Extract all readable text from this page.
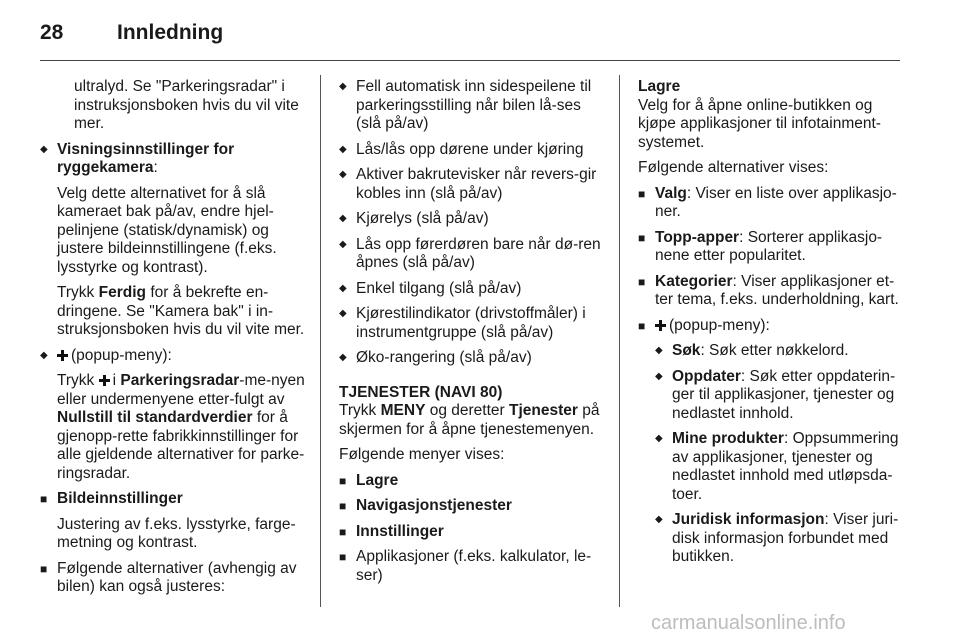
28	Innledning

ultralyd. Se "Parkeringsradar" i instruksjonsboken hvis du vil vite mer.

◆ Visningsinnstillinger for ryggekamera:

Velg dette alternativet for å slå kameraet bak på/av, endre hjel-pelinjene (statisk/dynamisk) og justere bildeinnstillingene (f.eks. lysstyrke og kontrast).

Trykk Ferdig for å bekrefte en-dringene. Se "Kamera bak" i in-struksjonsboken hvis du vil vite mer.

◆ (popup-meny):

Trykk i Parkeringsradar-me-nyen eller undermenyene etter-fulgt av Nullstill til standardverdier for å gjenopp-rette fabrikkinnstillinger for alle gjeldende alternativer for parke-ringsradar.

■ Bildeinnstillinger

Justering av f.eks. lysstyrke, farge-metning og kontrast.

■ Følgende alternativer (avhengig av bilen) kan også justeres:
◆ Fell automatisk inn sidespeilene til parkeringsstilling når bilen lå-ses (slå på/av)
◆ Lås/lås opp dørene under kjøring
◆ Aktiver bakrutevisker når revers-gir kobles inn (slå på/av)
◆ Kjørelys (slå på/av)
◆ Lås opp førerdøren bare når dø-ren åpnes (slå på/av)
◆ Enkel tilgang (slå på/av)
◆ Kjørestilindikator (drivstoffmåler) i instrumentgruppe (slå på/av)
◆ Øko-rangering (slå på/av)

TJENESTER (NAVI 80)

Trykk MENY og deretter Tjenester på skjermen for å åpne tjenestemenyen.

Følgende menyer vises:

■ Lagre
■ Navigasjonstjenester
■ Innstillinger
■ Applikasjoner (f.eks. kalkulator, le-ser)

Lagre

Velg for å åpne online-butikken og kjøpe applikasjoner til infotainment-systemet.

Følgende alternativer vises:

■ Valg: Viser en liste over applikasjo-ner.
■ Topp-apper: Sorterer applikasjo-nene etter popularitet.
■ Kategorier: Viser applikasjoner et-ter tema, f.eks. underholdning, kart.
■ (popup-meny):
◆ Søk: Søk etter nøkkelord.
◆ Oppdater: Søk etter oppdaterin-ger til applikasjoner, tjenester og nedlastet innhold.
◆ Mine produkter: Oppsummering av applikasjoner, tjenester og nedlastet innhold med utløpsda-toer.
◆ Juridisk informasjon: Viser juri-disk informasjon forbundet med butikken.
carmanualsonline.info
